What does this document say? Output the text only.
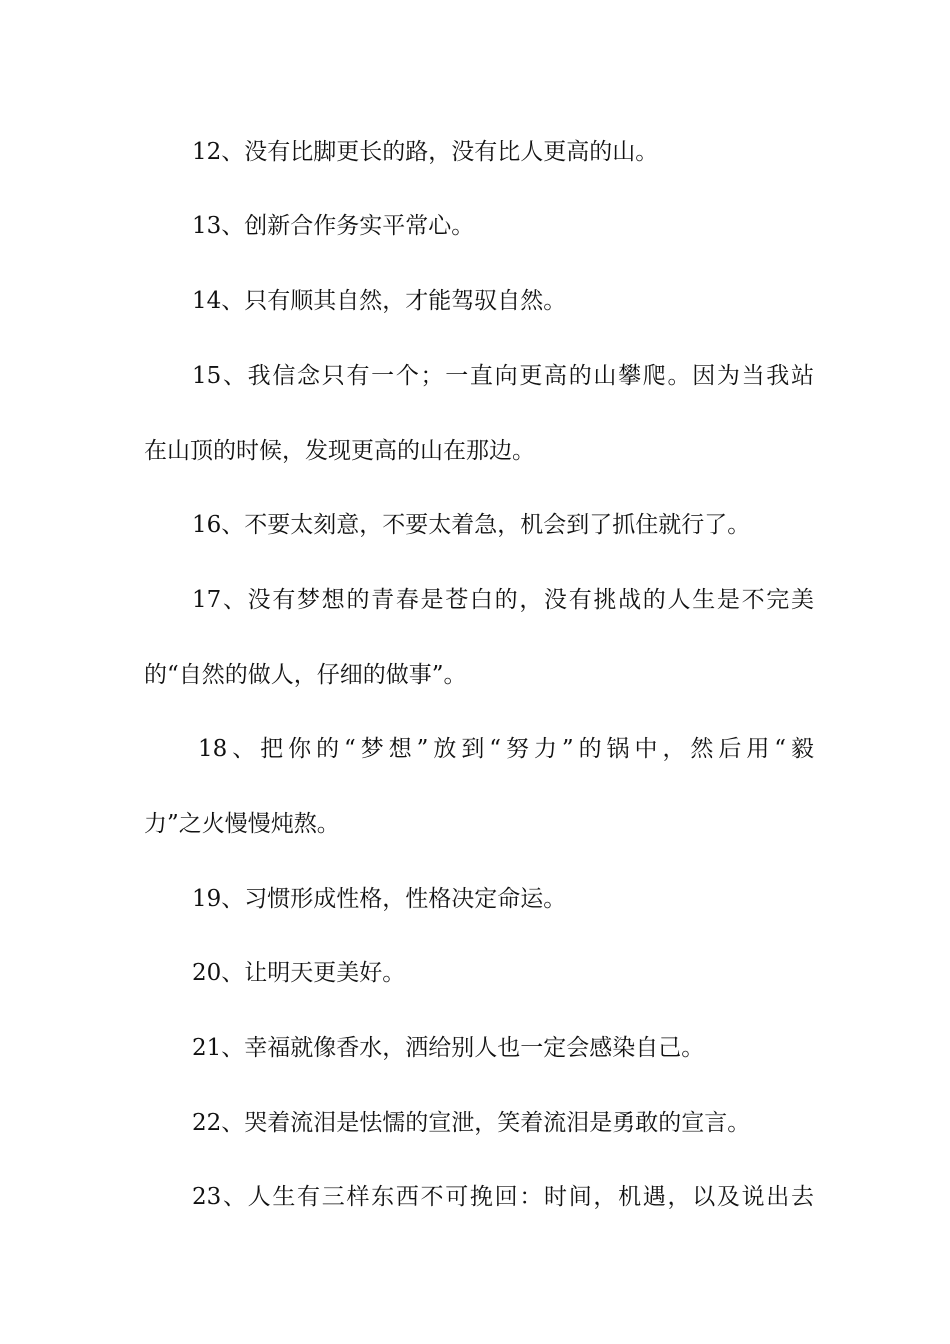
12、没有比脚更长的路，没有比人更高的山。
13、创新合作务实平常心。
14、只有顺其自然，才能驾驭自然。
15、我信念只有一个；一直向更高的山攀爬。因为当我站
在山顶的时候，发现更高的山在那边。
16、不要太刻意，不要太着急，机会到了抓住就行了。
17、没有梦想的青春是苍白的，没有挑战的人生是不完美
的“自然的做人，仔细的做事”。
18、把你的“梦想”放到“努力”的锅中，然后用“毅
力”之火慢慢炖熬。
19、习惯形成性格，性格决定命运。
20、让明天更美好。
21、幸福就像香水，洒给别人也一定会感染自己。
22、哭着流泪是怯懦的宣泄，笑着流泪是勇敢的宣言。
23、人生有三样东西不可挽回：时间，机遇，以及说出去
